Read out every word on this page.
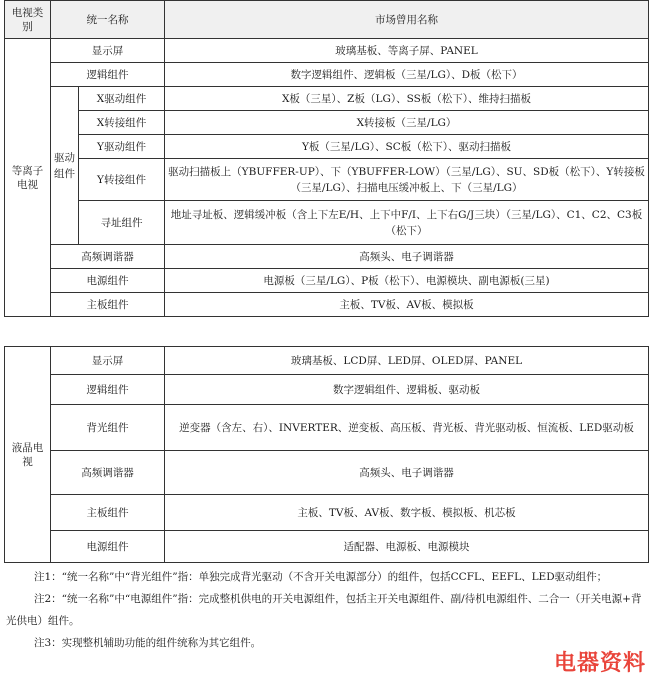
电视类别	统一名称		市场曾用名称
等离子电视	显示屏		玻璃基板、等离子屏、PANEL
	逻辑组件		数字逻辑组件、逻辑板（三星/LG）、D板（松下）
	驱动组件	X驱动组件	X板（三星）、Z板（LG）、SS板（松下）、维持扫描板
		X转接组件	X转接板（三星/LG）
		Y驱动组件	Y板（三星/LG）、SC板（松下）、驱动扫描板
		Y转接组件	驱动扫描板上（YBUFFER-UP）、下（YBUFFER-LOW）（三星/LG）、SU、SD板（松下）、Y转接板（三星/LG）、扫描电压缓冲板上、下（三星/LG）
		寻址组件	地址寻址板、逻辑缓冲板（含上下左E/H、上下中F/I、上下右G/J三块）（三星/LG）、C1、C2、C3板（松下）
	高频调谐器		高频头、电子调谐器
	电源组件		电源板（三星/LG）、P板（松下）、电源模块、副电源板(三星)
	主板组件		主板、TV板、AV板、模拟板
液晶电视	显示屏	玻璃基板、LCD屏、LED屏、OLED屏、PANEL
	逻辑组件	数字逻辑组件、逻辑板、驱动板
	背光组件	逆变器（含左、右）、INVERTER、逆变板、高压板、背光板、背光驱动板、恒流板、LED驱动板
	高频调谐器	高频头、电子调谐器
	主板组件	主板、TV板、AV板、数字板、模拟板、机芯板
	电源组件	适配器、电源板、电源模块

注1：“统一名称”中“背光组件”指：单独完成背光驱动（不含开关电源部分）的组件，包括CCFL、EEFL、LED驱动组件；

注2：“统一名称”中“电源组件”指：完成整机供电的开关电源组件，包括主开关电源组件、副/待机电源组件、二合一（开关电源+背光供电）组件。

注3：实现整机辅助功能的组件统称为其它组件。

电器资料
